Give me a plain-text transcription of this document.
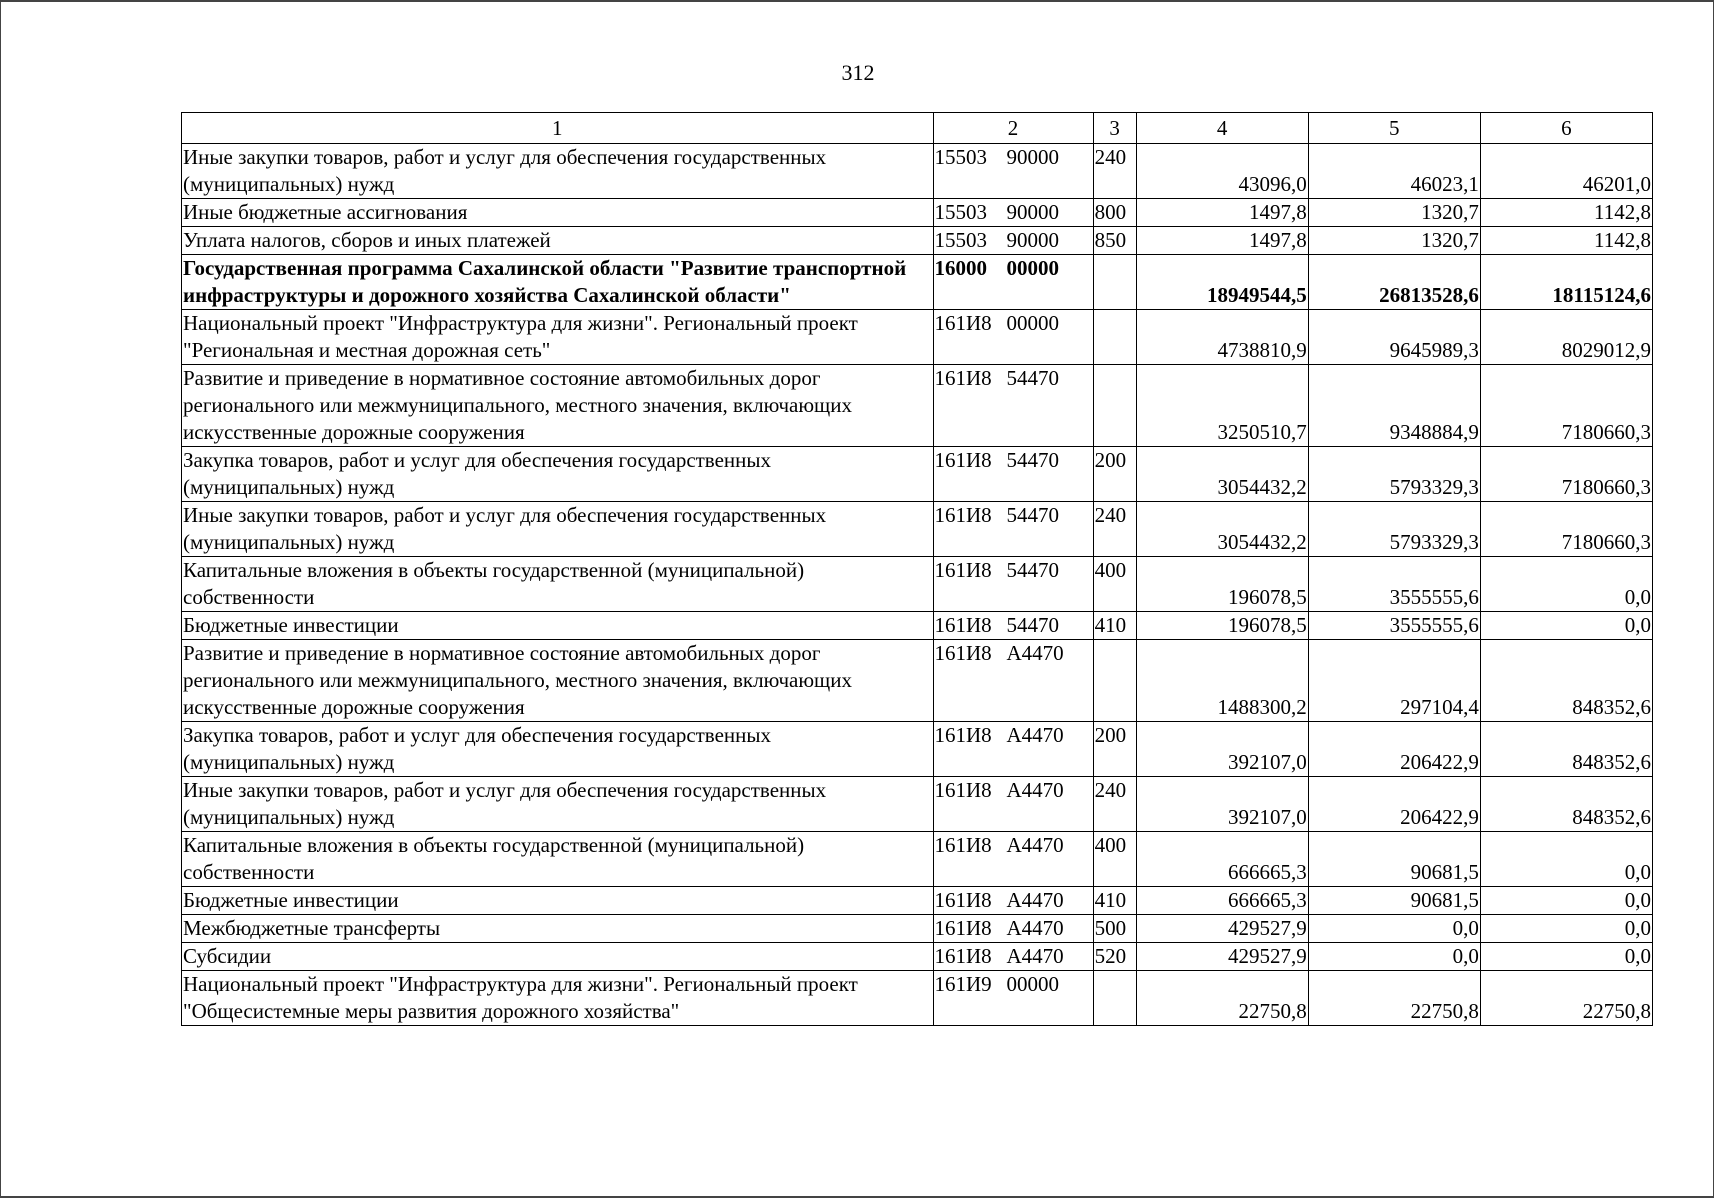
312
1	2	3	4	5	6
Иные закупки товаров, работ и услуг для обеспечения государственных (муниципальных) нужд	15503 90000	240	43096,0	46023,1	46201,0
Иные бюджетные ассигнования	15503 90000	800	1497,8	1320,7	1142,8
Уплата налогов, сборов и иных платежей	15503 90000	850	1497,8	1320,7	1142,8
Государственная программа Сахалинской области "Развитие транспортной инфраструктуры и дорожного хозяйства Сахалинской области"	16000 00000		18949544,5	26813528,6	18115124,6
Национальный проект "Инфраструктура для жизни". Региональный проект "Региональная и местная дорожная сеть"	161И8 00000		4738810,9	9645989,3	8029012,9
Развитие и приведение в нормативное состояние автомобильных дорог регионального или межмуниципального, местного значения, включающих искусственные дорожные сооружения	161И8 54470		3250510,7	9348884,9	7180660,3
Закупка товаров, работ и услуг для обеспечения государственных (муниципальных) нужд	161И8 54470	200	3054432,2	5793329,3	7180660,3
Иные закупки товаров, работ и услуг для обеспечения государственных (муниципальных) нужд	161И8 54470	240	3054432,2	5793329,3	7180660,3
Капитальные вложения в объекты государственной (муниципальной) собственности	161И8 54470	400	196078,5	3555555,6	0,0
Бюджетные инвестиции	161И8 54470	410	196078,5	3555555,6	0,0
Развитие и приведение в нормативное состояние автомобильных дорог регионального или межмуниципального, местного значения, включающих искусственные дорожные сооружения	161И8 А4470		1488300,2	297104,4	848352,6
Закупка товаров, работ и услуг для обеспечения государственных (муниципальных) нужд	161И8 А4470	200	392107,0	206422,9	848352,6
Иные закупки товаров, работ и услуг для обеспечения государственных (муниципальных) нужд	161И8 А4470	240	392107,0	206422,9	848352,6
Капитальные вложения в объекты государственной (муниципальной) собственности	161И8 А4470	400	666665,3	90681,5	0,0
Бюджетные инвестиции	161И8 А4470	410	666665,3	90681,5	0,0
Межбюджетные трансферты	161И8 А4470	500	429527,9	0,0	0,0
Субсидии	161И8 А4470	520	429527,9	0,0	0,0
Национальный проект "Инфраструктура для жизни". Региональный проект "Общесистемные меры развития дорожного хозяйства"	161И9 00000		22750,8	22750,8	22750,8
